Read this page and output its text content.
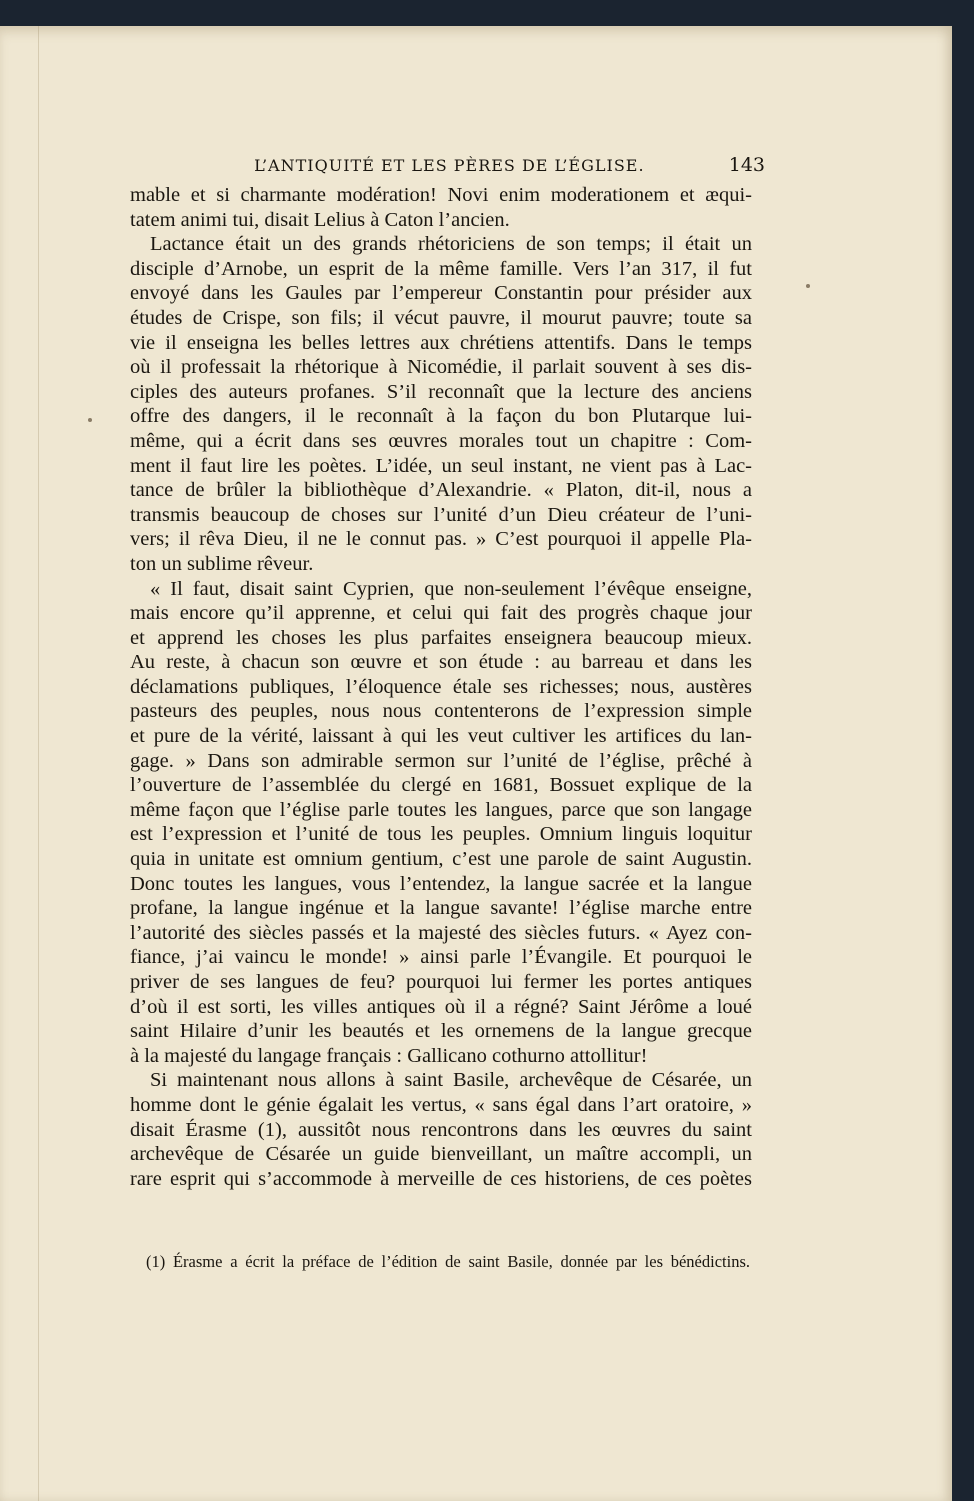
L’ANTIQUITÉ ET LES PÈRES DE L’ÉGLISE.	143

mable et si charmante modération! Novi enim moderationem et æqui-
tatem animi tui, disait Lelius à Caton l’ancien.

Lactance était un des grands rhétoriciens de son temps; il était un
disciple d’Arnobe, un esprit de la même famille. Vers l’an 317, il fut
envoyé dans les Gaules par l’empereur Constantin pour présider aux
études de Crispe, son fils; il vécut pauvre, il mourut pauvre; toute sa
vie il enseigna les belles lettres aux chrétiens attentifs. Dans le temps
où il professait la rhétorique à Nicomédie, il parlait souvent à ses dis-
ciples des auteurs profanes. S’il reconnaît que la lecture des anciens
offre des dangers, il le reconnaît à la façon du bon Plutarque lui-
même, qui a écrit dans ses œuvres morales tout un chapitre : Com-
ment il faut lire les poètes. L’idée, un seul instant, ne vient pas à Lac-
tance de brûler la bibliothèque d’Alexandrie. « Platon, dit-il, nous a
transmis beaucoup de choses sur l’unité d’un Dieu créateur de l’uni-
vers; il rêva Dieu, il ne le connut pas. » C’est pourquoi il appelle Pla-
ton un sublime rêveur.

« Il faut, disait saint Cyprien, que non-seulement l’évêque enseigne,
mais encore qu’il apprenne, et celui qui fait des progrès chaque jour
et apprend les choses les plus parfaites enseignera beaucoup mieux.
Au reste, à chacun son œuvre et son étude : au barreau et dans les
déclamations publiques, l’éloquence étale ses richesses; nous, austères
pasteurs des peuples, nous nous contenterons de l’expression simple
et pure de la vérité, laissant à qui les veut cultiver les artifices du lan-
gage. » Dans son admirable sermon sur l’unité de l’église, prêché à
l’ouverture de l’assemblée du clergé en 1681, Bossuet explique de la
même façon que l’église parle toutes les langues, parce que son langage
est l’expression et l’unité de tous les peuples. Omnium linguis loquitur
quia in unitate est omnium gentium, c’est une parole de saint Augustin.
Donc toutes les langues, vous l’entendez, la langue sacrée et la langue
profane, la langue ingénue et la langue savante! l’église marche entre
l’autorité des siècles passés et la majesté des siècles futurs. « Ayez con-
fiance, j’ai vaincu le monde! » ainsi parle l’Évangile. Et pourquoi le
priver de ses langues de feu? pourquoi lui fermer les portes antiques
d’où il est sorti, les villes antiques où il a régné? Saint Jérôme a loué
saint Hilaire d’unir les beautés et les ornemens de la langue grecque
à la majesté du langage français : Gallicano cothurno attollitur!

Si maintenant nous allons à saint Basile, archevêque de Césarée, un
homme dont le génie égalait les vertus, « sans égal dans l’art oratoire, »
disait Érasme (1), aussitôt nous rencontrons dans les œuvres du saint
archevêque de Césarée un guide bienveillant, un maître accompli, un
rare esprit qui s’accommode à merveille de ces historiens, de ces poètes

(1) Érasme a écrit la préface de l’édition de saint Basile, donnée par les bénédictins.
